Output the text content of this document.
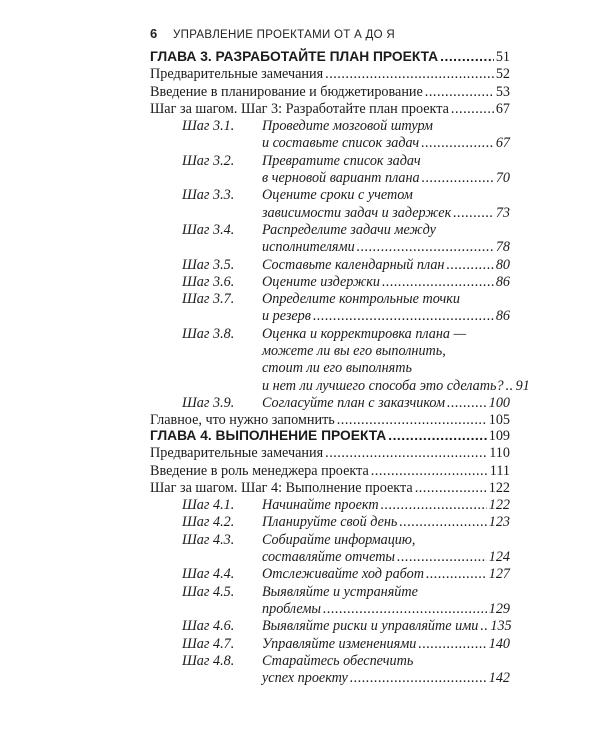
6 УПРАВЛЕНИЕ ПРОЕКТАМИ ОТ А ДО Я
ГЛАВА 3. РАЗРАБОТАЙТЕ ПЛАН ПРОЕКТА .....	51
Предварительные замечания .....	52
Введение в планирование и бюджетирование .....	53
Шаг за шагом. Шаг 3: Разработайте план проекта .....	67
Шаг 3.1.	Проведите мозговой штурм
и составьте список задач .....	67
Шаг 3.2.	Превратите список задач
в черновой вариант плана .....	70
Шаг 3.3.	Оцените сроки с учетом
зависимости задач и задержек .....	73
Шаг 3.4.	Распределите задачи между
исполнителями .....	78
Шаг 3.5.	Составьте календарный план .....	80
Шаг 3.6.	Оцените издержки .....	86
Шаг 3.7.	Определите контрольные точки
и резерв .....	86
Шаг 3.8.	Оценка и корректировка плана —
можете ли вы его выполнить,
стоит ли его выполнять
и нет ли лучшего способа это сделать? ..... 91
Шаг 3.9.	Согласуйте план с заказчиком .....	100
Главное, что нужно запомнить .....	105
ГЛАВА 4. ВЫПОЛНЕНИЕ ПРОЕКТА .....	109
Предварительные замечания .....	110
Введение в роль менеджера проекта .....	111
Шаг за шагом. Шаг 4: Выполнение проекта .....	122
Шаг 4.1.	Начинайте проект .....	122
Шаг 4.2.	Планируйте свой день .....	123
Шаг 4.3.	Собирайте информацию,
составляйте отчеты .....	124
Шаг 4.4.	Отслеживайте ход работ .....	127
Шаг 4.5.	Выявляйте и устраняйте
проблемы .....	129
Шаг 4.6.	Выявляйте риски и управляйте ими ..... 135
Шаг 4.7.	Управляйте изменениями .....	140
Шаг 4.8.	Старайтесь обеспечить
успех проекту .....	142
